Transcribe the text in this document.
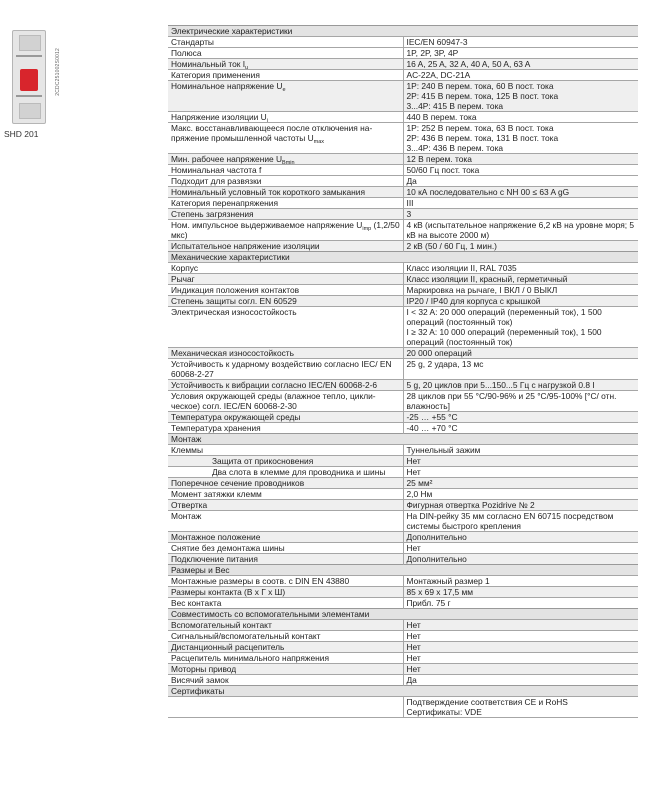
2CDC251002S0012
SHD 201
Электрические характеристики	
Стандарты	IEC/EN 60947-3

Полюса	1P, 2P, 3P, 4P

Номинальный ток $I_u$	16 A, 25 A, 32 A, 40 A, 50 A, 63 A

Категория применения	AC-22A, DC-21A

Номинальное напряжение $U_e$	1P: 240 В перем. тока, 60 В пост. тока
2P: 415 В перем. тока, 125 В пост. тока
3...4P: 415 В перем. тока

Напряжение изоляции $U_i$	440 В перем. тока

Макс. восстанавливающееся после отключения на-пряжение промышленной частоты $U_{max}$	1P: 252 В перем. тока, 63 В пост. тока
2P: 436 В перем. тока, 131 В пост. тока
3...4P: 436 В перем. тока

Мин. рабочее напряжение $U_{Bmin}$	12 В перем. тока

Номинальная частота f	50/60 Гц пост. тока

Подходит для развязки	Да

Номинальный условный ток короткого замыкания	10 кА последовательно с NH 00 ≤ 63 A gG

Категория перенапряжения	III

Степень загрязнения	3

Ном. импульсное выдерживаемое напряжение $U_{imp}$ (1,2/50 мкс)	4 кВ (испытательное напряжение 6,2 кВ на уровне моря; 5 кВ на высоте 2000 м)

Испытательное напряжение изоляции	2 кВ (50 / 60 Гц, 1 мин.)

Механические характеристики	
Корпус	Класс изоляции II, RAL 7035

Рычаг	Класс изоляции II, красный, герметичный

Индикация положения контактов	Маркировка на рычаге, I ВКЛ / 0 ВЫКЛ

Степень защиты согл. EN 60529	IP20 / IP40 для корпуса с крышкой

Электрическая износостойкость	I < 32 A: 20 000 операций (переменный ток), 1 500 операций (постоянный ток)
I ≥ 32 A: 10 000 операций (переменный ток), 1 500 операций (постоянный ток)

Механическая износостойкость	20 000 операций

Устойчивость к ударному воздействию согласно IEC/ EN 60068-2-27	25 g, 2 удара, 13 мс

Устойчивость к вибрации согласно IEC/EN 60068-2-6	5 g, 20 циклов при 5...150...5 Гц с нагрузкой 0.8 I

Условия окружающей среды (влажное тепло, цикли-ческое) согл. IEC/EN 60068-2-30	28 циклов при 55 °C/90-96% и 25 °C/95-100% [°C/ отн. влажность]

Температура окружающей среды	-25 … +55 °C

Температура хранения	-40 … +70 °C

Монтаж	
Клеммы	Туннельный зажим

Защита от прикосновения	Нет

Два слота в клемме для проводника и шины	Нет

Поперечное сечение проводников	25 мм²

Момент затяжки клемм	2,0 Нм

Отвертка	Фигурная отвертка Pozidrive № 2

Монтаж	На DIN-рейку 35 мм согласно EN 60715 посредством системы быстрого крепления

Монтажное положение	Дополнительно

Снятие без демонтажа шины	Нет

Подключение питания	Дополнительно

Размеры и Вес	
Монтажные размеры в соотв. с DIN EN 43880	Монтажный размер 1

Размеры контакта (В x Г x Ш)	85 x 69 x 17,5 мм

Вес контакта	Прибл. 75 г

Совместимость со вспомогательными элементами	
Вспомогательный контакт	Нет

Сигнальный/вспомогательный контакт	Нет

Дистанционный расцепитель	Нет

Расцепитель минимального напряжения	Нет

Моторны привод	Нет

Висячий замок	Да

Сертификаты	

	Подтверждение соответствия CE и RoHS
Сертификаты: VDE
